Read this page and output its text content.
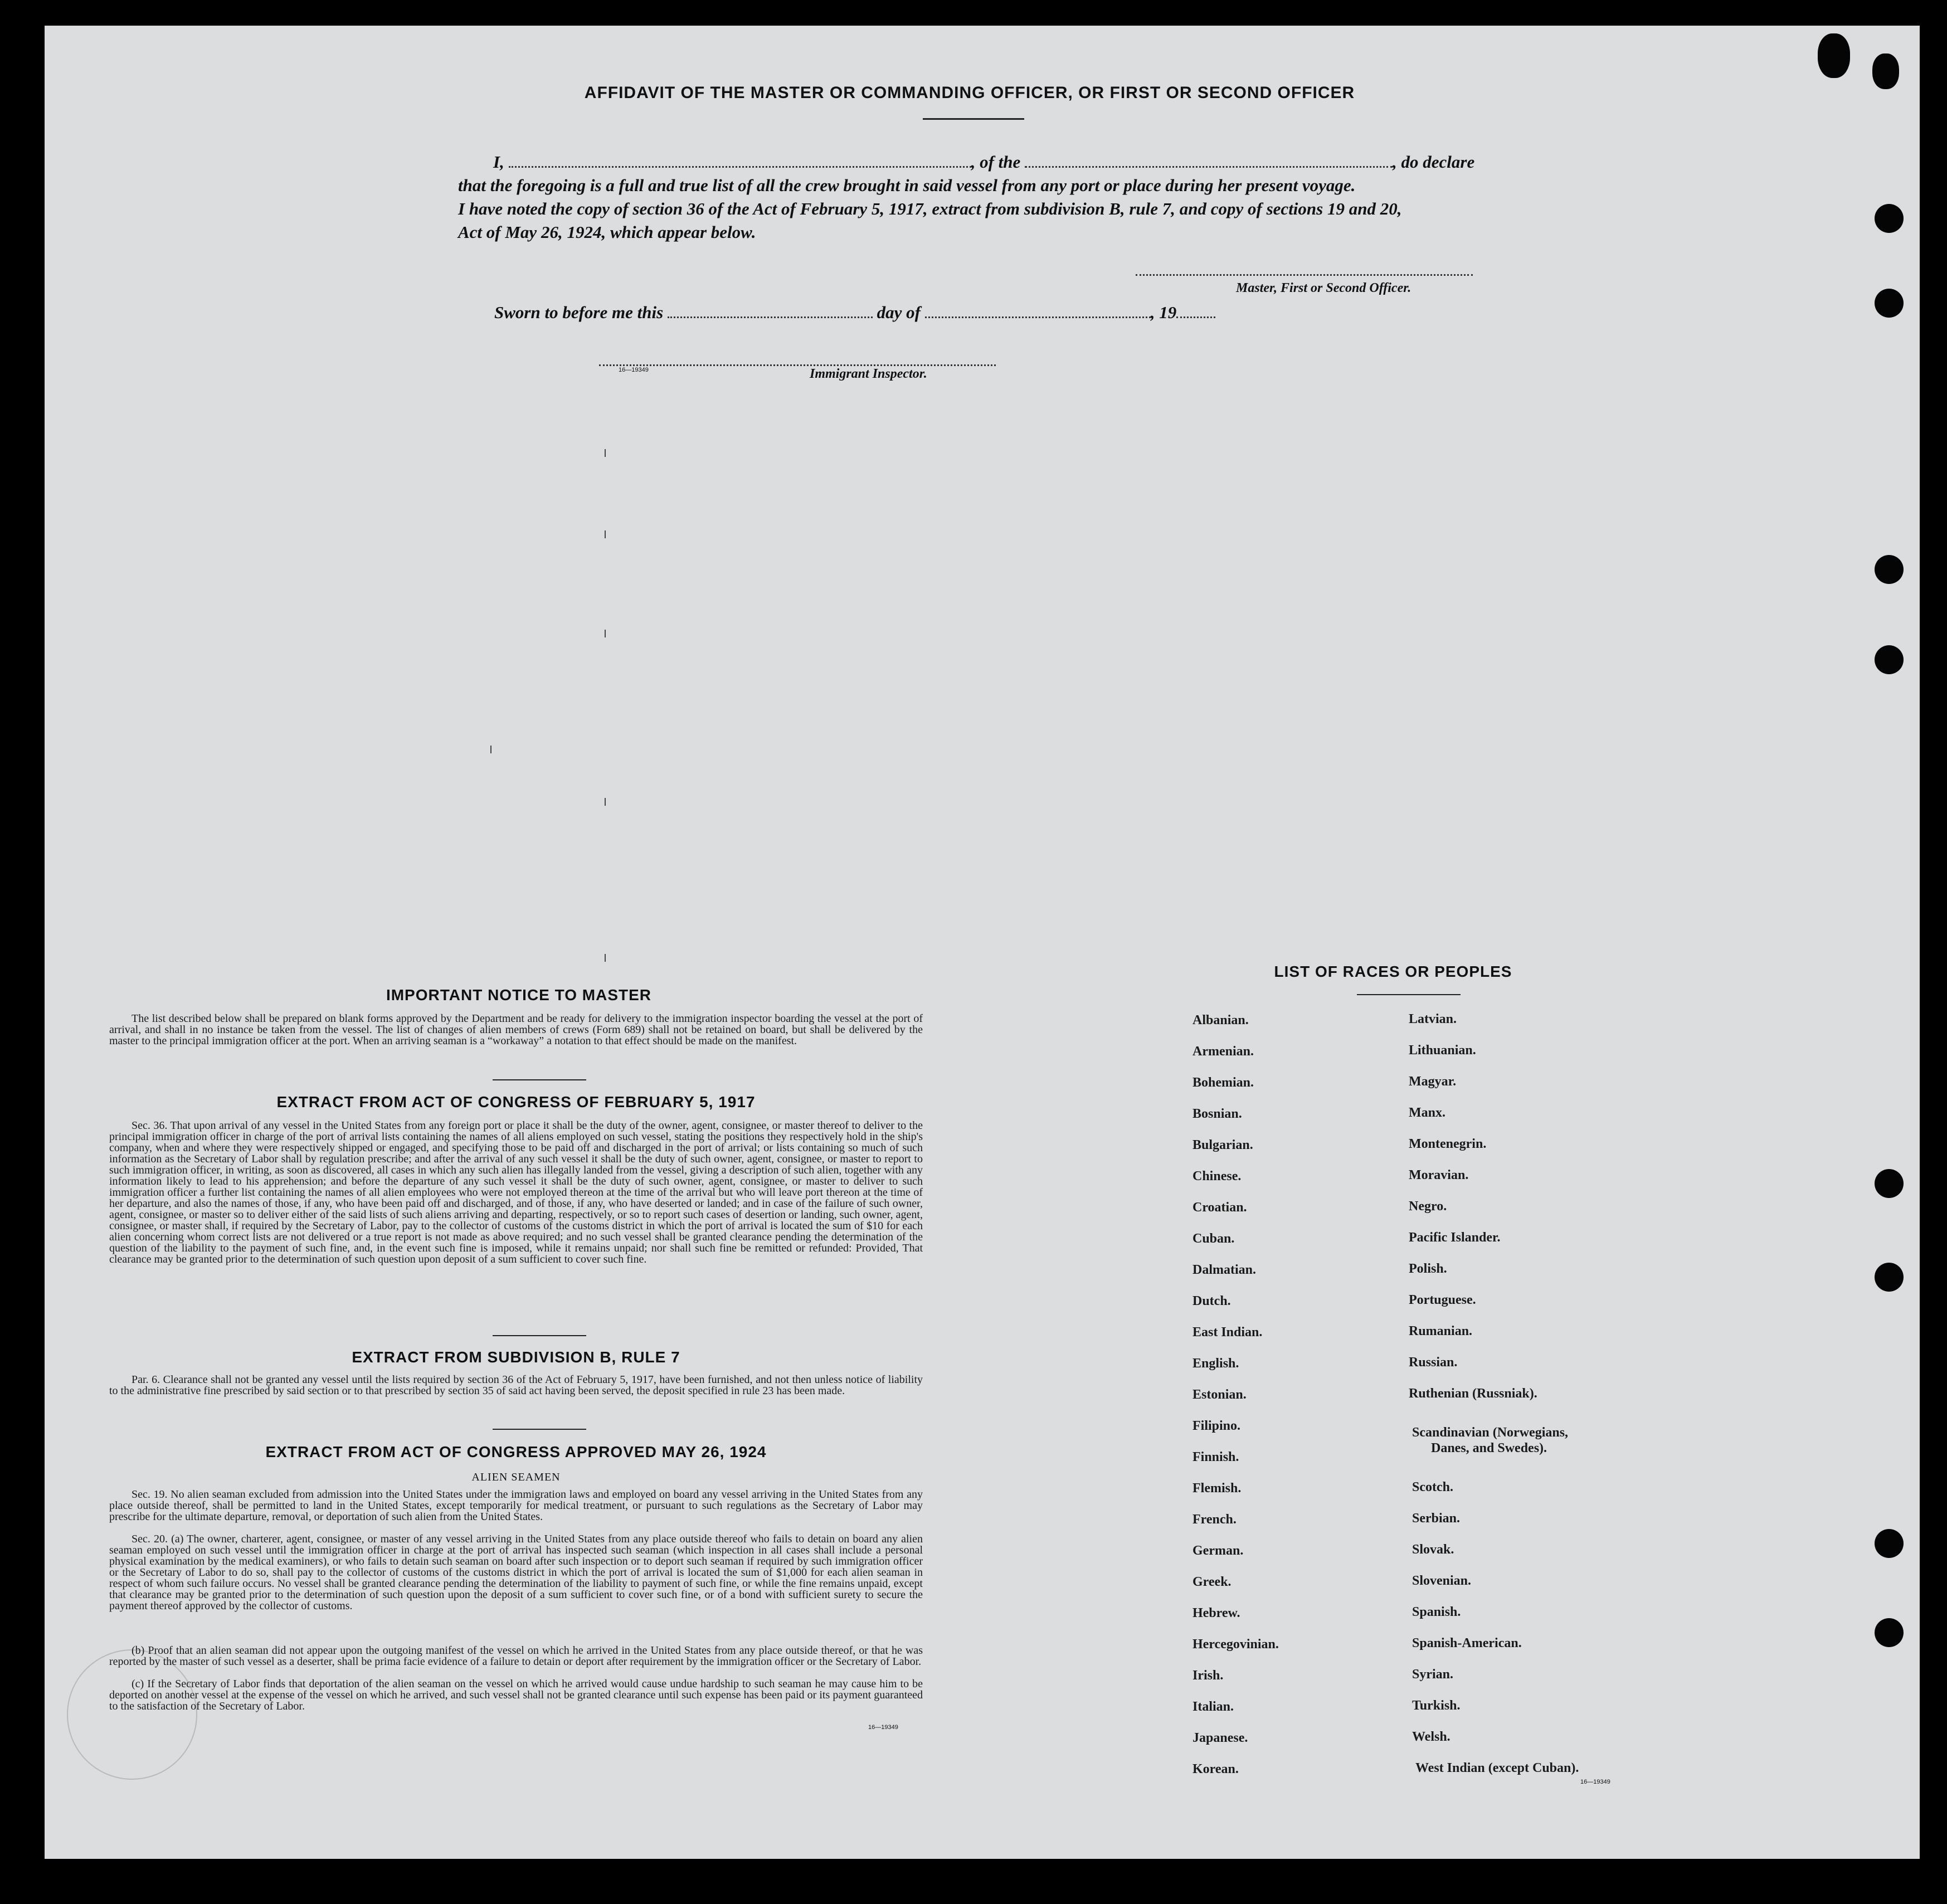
AFFIDAVIT OF THE MASTER OR COMMANDING OFFICER, OR FIRST OR SECOND OFFICER
I,	, of the	, do declare
that the foregoing is a full and true list of all the crew brought in said vessel from any port or place during her present voyage.
I have noted the copy of section 36 of the Act of February 5, 1917, extract from subdivision B, rule 7, and copy of sections 19 and 20,
Act of May 26, 1924, which appear below.
Master, First or Second Officer.
Sworn to before me this	day of	, 19
16—19349	Immigrant Inspector.
IMPORTANT NOTICE TO MASTER
The list described below shall be prepared on blank forms approved by the Department and be ready for delivery to the immigration inspector boarding the vessel at the port of arrival, and shall in no instance be taken from the vessel. The list of changes of alien members of crews (Form 689) shall not be retained on board, but shall be delivered by the master to the principal immigration officer at the port. When an arriving seaman is a “workaway” a notation to that effect should be made on the manifest.
EXTRACT FROM ACT OF CONGRESS OF FEBRUARY 5, 1917
Sec. 36. That upon arrival of any vessel in the United States from any foreign port or place it shall be the duty of the owner, agent, consignee, or master thereof to deliver to the principal immigration officer in charge of the port of arrival lists containing the names of all aliens employed on such vessel, stating the positions they respectively hold in the ship's company, when and where they were respectively shipped or engaged, and specifying those to be paid off and discharged in the port of arrival; or lists containing so much of such information as the Secretary of Labor shall by regulation prescribe; and after the arrival of any such vessel it shall be the duty of such owner, agent, consignee, or master to report to such immigration officer, in writing, as soon as discovered, all cases in which any such alien has illegally landed from the vessel, giving a description of such alien, together with any information likely to lead to his apprehension; and before the departure of any such vessel it shall be the duty of such owner, agent, consignee, or master to deliver to such immigration officer a further list containing the names of all alien employees who were not employed thereon at the time of the arrival but who will leave port thereon at the time of her departure, and also the names of those, if any, who have been paid off and discharged, and of those, if any, who have deserted or landed; and in case of the failure of such owner, agent, consignee, or master so to deliver either of the said lists of such aliens arriving and departing, respectively, or so to report such cases of desertion or landing, such owner, agent, consignee, or master shall, if required by the Secretary of Labor, pay to the collector of customs of the customs district in which the port of arrival is located the sum of $10 for each alien concerning whom correct lists are not delivered or a true report is not made as above required; and no such vessel shall be granted clearance pending the determination of the question of the liability to the payment of such fine, and, in the event such fine is imposed, while it remains unpaid; nor shall such fine be remitted or refunded: Provided, That clearance may be granted prior to the determination of such question upon deposit of a sum sufficient to cover such fine.
EXTRACT FROM SUBDIVISION B, RULE 7
Par. 6. Clearance shall not be granted any vessel until the lists required by section 36 of the Act of February 5, 1917, have been furnished, and not then unless notice of liability to the administrative fine prescribed by said section or to that prescribed by section 35 of said act having been served, the deposit specified in rule 23 has been made.
EXTRACT FROM ACT OF CONGRESS APPROVED MAY 26, 1924
ALIEN SEAMEN
Sec. 19. No alien seaman excluded from admission into the United States under the immigration laws and employed on board any vessel arriving in the United States from any place outside thereof, shall be permitted to land in the United States, except temporarily for medical treatment, or pursuant to such regulations as the Secretary of Labor may prescribe for the ultimate departure, removal, or deportation of such alien from the United States.
Sec. 20. (a) The owner, charterer, agent, consignee, or master of any vessel arriving in the United States from any place outside thereof who fails to detain on board any alien seaman employed on such vessel until the immigration officer in charge at the port of arrival has inspected such seaman (which inspection in all cases shall include a personal physical examination by the medical examiners), or who fails to detain such seaman on board after such inspection or to deport such seaman if required by such immigration officer or the Secretary of Labor to do so, shall pay to the collector of customs of the customs district in which the port of arrival is located the sum of $1,000 for each alien seaman in respect of whom such failure occurs. No vessel shall be granted clearance pending the determination of the liability to payment of such fine, or while the fine remains unpaid, except that clearance may be granted prior to the determination of such question upon the deposit of a sum sufficient to cover such fine, or of a bond with sufficient surety to secure the payment thereof approved by the collector of customs.
(b) Proof that an alien seaman did not appear upon the outgoing manifest of the vessel on which he arrived in the United States from any place outside thereof, or that he was reported by the master of such vessel as a deserter, shall be prima facie evidence of a failure to detain or deport after requirement by the immigration officer or the Secretary of Labor.
(c) If the Secretary of Labor finds that deportation of the alien seaman on the vessel on which he arrived would cause undue hardship to such seaman he may cause him to be deported on another vessel at the expense of the vessel on which he arrived, and such vessel shall not be granted clearance until such expense has been paid or its payment guaranteed to the satisfaction of the Secretary of Labor.
16—19349
LIST OF RACES OR PEOPLES
Albanian.
Armenian.
Bohemian.
Bosnian.
Bulgarian.
Chinese.
Croatian.
Cuban.
Dalmatian.
Dutch.
East Indian.
English.
Estonian.
Filipino.
Finnish.
Flemish.
French.
German.
Greek.
Hebrew.
Hercegovinian.
Irish.
Italian.
Japanese.
Korean.
Latvian.
Lithuanian.
Magyar.
Manx.
Montenegrin.
Moravian.
Negro.
Pacific Islander.
Polish.
Portuguese.
Rumanian.
Russian.
Ruthenian (Russniak).
Scandinavian (Norwegians,
Danes, and Swedes).
Scotch.
Serbian.
Slovak.
Slovenian.
Spanish.
Spanish-American.
Syrian.
Turkish.
Welsh.
West Indian (except Cuban).
16—19349
